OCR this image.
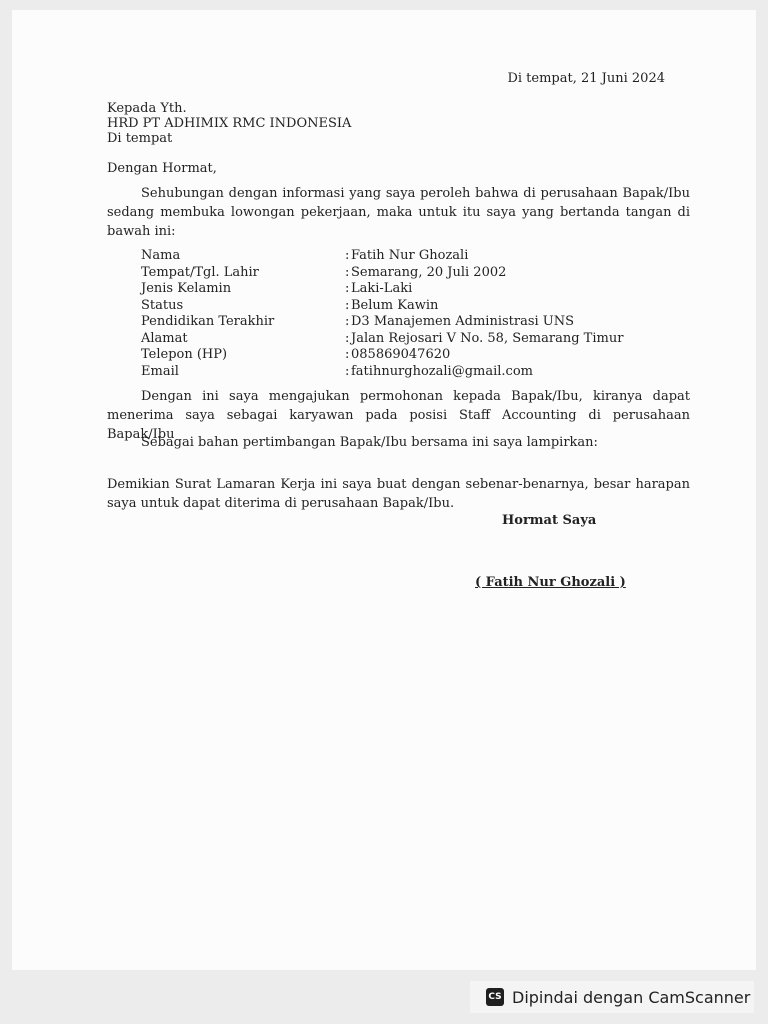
Di tempat, 21 Juni 2024
Kepada Yth.
HRD PT ADHIMIX RMC INDONESIA
Di tempat
Dengan Hormat,
Sehubungan dengan informasi yang saya peroleh bahwa di perusahaan Bapak/Ibu sedang membuka lowongan pekerjaan, maka untuk itu saya yang bertanda tangan di bawah ini:
Nama	: Fatih Nur Ghozali
Tempat/Tgl. Lahir	: Semarang, 20 Juli 2002
Jenis Kelamin	: Laki-Laki
Status	: Belum Kawin
Pendidikan Terakhir	: D3 Manajemen Administrasi UNS
Alamat	: Jalan Rejosari V No. 58, Semarang Timur
Telepon (HP)	: 085869047620
Email	: fatihnurghozali@gmail.com
Dengan ini saya mengajukan permohonan kepada Bapak/Ibu, kiranya dapat menerima saya sebagai karyawan pada posisi Staff Accounting di perusahaan Bapak/Ibu
Sebagai bahan pertimbangan Bapak/Ibu bersama ini saya lampirkan:
Demikian Surat Lamaran Kerja ini saya buat dengan sebenar-benarnya, besar harapan saya untuk dapat diterima di perusahaan Bapak/Ibu.
Hormat Saya
( Fatih Nur Ghozali )
CS Dipindai dengan CamScanner
